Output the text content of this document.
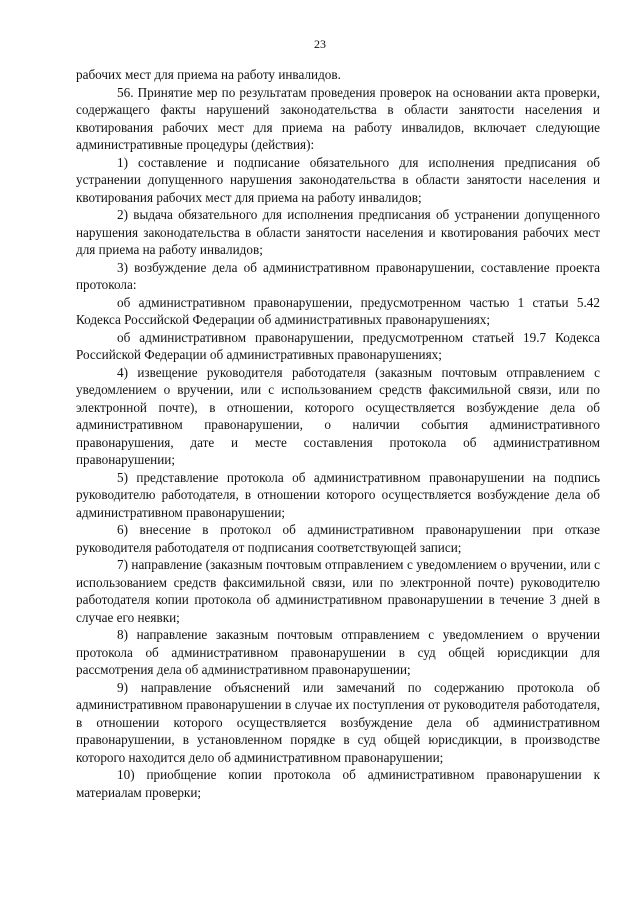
23

рабочих мест для приема на работу инвалидов.

56. Принятие мер по результатам проведения проверок на основании акта проверки, содержащего факты нарушений законодательства в области занятости населения и квотирования рабочих мест для приема на работу инвалидов, включает следующие административные процедуры (действия):

1) составление и подписание обязательного для исполнения предписания об устранении допущенного нарушения законодательства в области занятости населения и квотирования рабочих мест для приема на работу инвалидов;

2) выдача обязательного для исполнения предписания об устранении допущенного нарушения законодательства в области занятости населения и квотирования рабочих мест для приема на работу инвалидов;

3) возбуждение дела об административном правонарушении, составление проекта протокола:

об административном правонарушении, предусмотренном частью 1 статьи 5.42 Кодекса Российской Федерации об административных правонарушениях;

об административном правонарушении, предусмотренном статьей 19.7 Кодекса Российской Федерации об административных правонарушениях;

4) извещение руководителя работодателя (заказным почтовым отправлением с уведомлением о вручении, или с использованием средств факсимильной связи, или по электронной почте), в отношении, которого осуществляется возбуждение дела об административном правонарушении, о наличии события административного правонарушения, дате и месте составления протокола об административном правонарушении;

5) представление протокола об административном правонарушении на подпись руководителю работодателя, в отношении которого осуществляется возбуждение дела об административном правонарушении;

6) внесение в протокол об административном правонарушении при отказе руководителя работодателя от подписания соответствующей записи;

7) направление (заказным почтовым отправлением с уведомлением о вручении, или с использованием средств факсимильной связи, или по электронной почте) руководителю работодателя копии протокола об административном правонарушении в течение 3 дней в случае его неявки;

8) направление заказным почтовым отправлением с уведомлением о вручении протокола об административном правонарушении в суд общей юрисдикции для рассмотрения дела об административном правонарушении;

9) направление объяснений или замечаний по содержанию протокола об административном правонарушении в случае их поступления от руководителя работодателя, в отношении которого осуществляется возбуждение дела об административном правонарушении, в установленном порядке в суд общей юрисдикции, в производстве которого находится дело об административном правонарушении;

10) приобщение копии протокола об административном правонарушении к материалам проверки;
